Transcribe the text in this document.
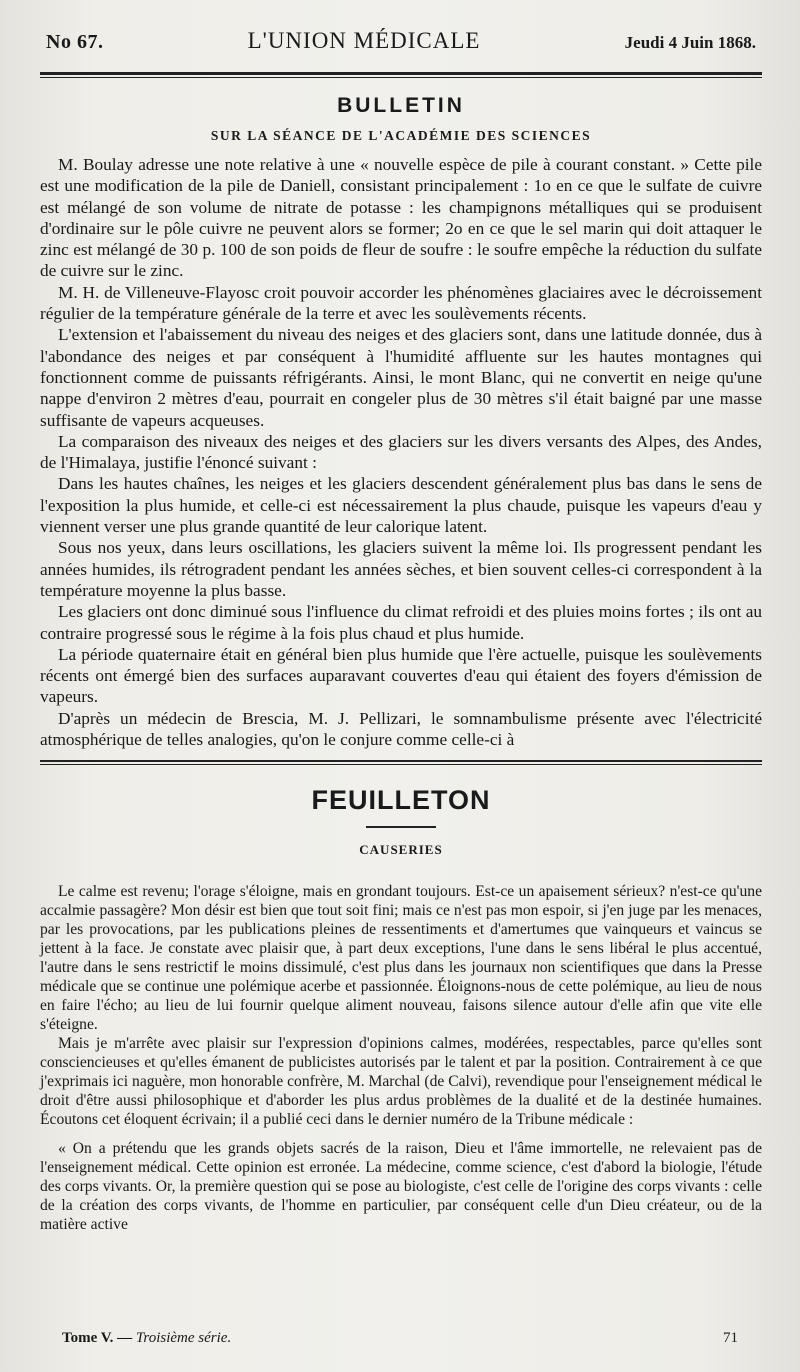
No 67.	L'UNION MÉDICALE	Jeudi 4 Juin 1868.
BULLETIN
SUR LA SÉANCE DE L'ACADÉMIE DES SCIENCES

M. Boulay adresse une note relative à une « nouvelle espèce de pile à courant constant. » Cette pile est une modification de la pile de Daniell, consistant principalement : 1o en ce que le sulfate de cuivre est mélangé de son volume de nitrate de potasse : les champignons métalliques qui se produisent d'ordinaire sur le pôle cuivre ne peuvent alors se former; 2o en ce que le sel marin qui doit attaquer le zinc est mélangé de 30 p. 100 de son poids de fleur de soufre : le soufre empêche la réduction du sulfate de cuivre sur le zinc.

M. H. de Villeneuve-Flayosc croit pouvoir accorder les phénomènes glaciaires avec le décroissement régulier de la température générale de la terre et avec les soulèvements récents.

L'extension et l'abaissement du niveau des neiges et des glaciers sont, dans une latitude donnée, dus à l'abondance des neiges et par conséquent à l'humidité affluente sur les hautes montagnes qui fonctionnent comme de puissants réfrigérants. Ainsi, le mont Blanc, qui ne convertit en neige qu'une nappe d'environ 2 mètres d'eau, pourrait en congeler plus de 30 mètres s'il était baigné par une masse suffisante de vapeurs acqueuses.

La comparaison des niveaux des neiges et des glaciers sur les divers versants des Alpes, des Andes, de l'Himalaya, justifie l'énoncé suivant :

Dans les hautes chaînes, les neiges et les glaciers descendent généralement plus bas dans le sens de l'exposition la plus humide, et celle-ci est nécessairement la plus chaude, puisque les vapeurs d'eau y viennent verser une plus grande quantité de leur calorique latent.

Sous nos yeux, dans leurs oscillations, les glaciers suivent la même loi. Ils progressent pendant les années humides, ils rétrogradent pendant les années sèches, et bien souvent celles-ci correspondent à la température moyenne la plus basse.

Les glaciers ont donc diminué sous l'influence du climat refroidi et des pluies moins fortes ; ils ont au contraire progressé sous le régime à la fois plus chaud et plus humide.

La période quaternaire était en général bien plus humide que l'ère actuelle, puisque les soulèvements récents ont émergé bien des surfaces auparavant couvertes d'eau qui étaient des foyers d'émission de vapeurs.

D'après un médecin de Brescia, M. J. Pellizari, le somnambulisme présente avec l'électricité atmosphérique de telles analogies, qu'on le conjure comme celle-ci à

FEUILLETON
CAUSERIES

Le calme est revenu; l'orage s'éloigne, mais en grondant toujours. Est-ce un apaisement sérieux? n'est-ce qu'une accalmie passagère? Mon désir est bien que tout soit fini; mais ce n'est pas mon espoir, si j'en juge par les menaces, par les provocations, par les publications pleines de ressentiments et d'amertumes que vainqueurs et vaincus se jettent à la face. Je constate avec plaisir que, à part deux exceptions, l'une dans le sens libéral le plus accentué, l'autre dans le sens restrictif le moins dissimulé, c'est plus dans les journaux non scientifiques que dans la Presse médicale que se continue une polémique acerbe et passionnée. Éloignons-nous de cette polémique, au lieu de nous en faire l'écho; au lieu de lui fournir quelque aliment nouveau, faisons silence autour d'elle afin que vite elle s'éteigne.

Mais je m'arrête avec plaisir sur l'expression d'opinions calmes, modérées, respectables, parce qu'elles sont consciencieuses et qu'elles émanent de publicistes autorisés par le talent et par la position. Contrairement à ce que j'exprimais ici naguère, mon honorable confrère, M. Marchal (de Calvi), revendique pour l'enseignement médical le droit d'être aussi philosophique et d'aborder les plus ardus problèmes de la dualité et de la destinée humaines. Écoutons cet éloquent écrivain; il a publié ceci dans le dernier numéro de la Tribune médicale :

« On a prétendu que les grands objets sacrés de la raison, Dieu et l'âme immortelle, ne relevaient pas de l'enseignement médical. Cette opinion est erronée. La médecine, comme science, c'est d'abord la biologie, l'étude des corps vivants. Or, la première question qui se pose au biologiste, c'est celle de l'origine des corps vivants : celle de la création des corps vivants, de l'homme en particulier, par conséquent celle d'un Dieu créateur, ou de la matière active

Tome V. — Troisième série.	71
